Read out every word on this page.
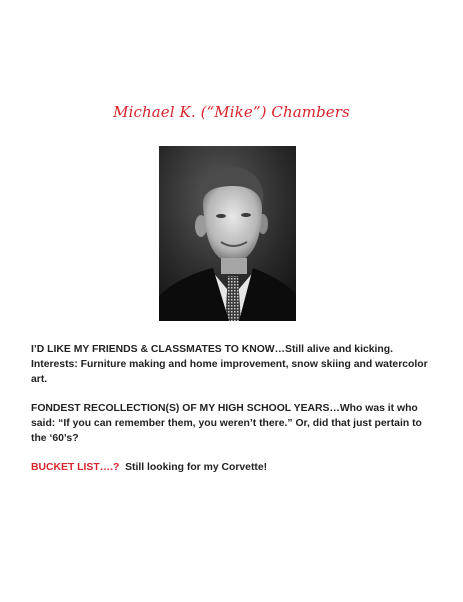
Michael K. (“Mike”) Chambers

I’D LIKE MY FRIENDS & CLASSMATES TO KNOW…Still alive and kicking. Interests: Furniture making and home improvement, snow skiing and watercolor art.

FONDEST RECOLLECTION(S) OF MY HIGH SCHOOL YEARS…Who was it who said: “If you can remember them, you weren’t there.” Or, did that just pertain to the ‘60’s?

BUCKET LIST….?  Still looking for my Corvette!
